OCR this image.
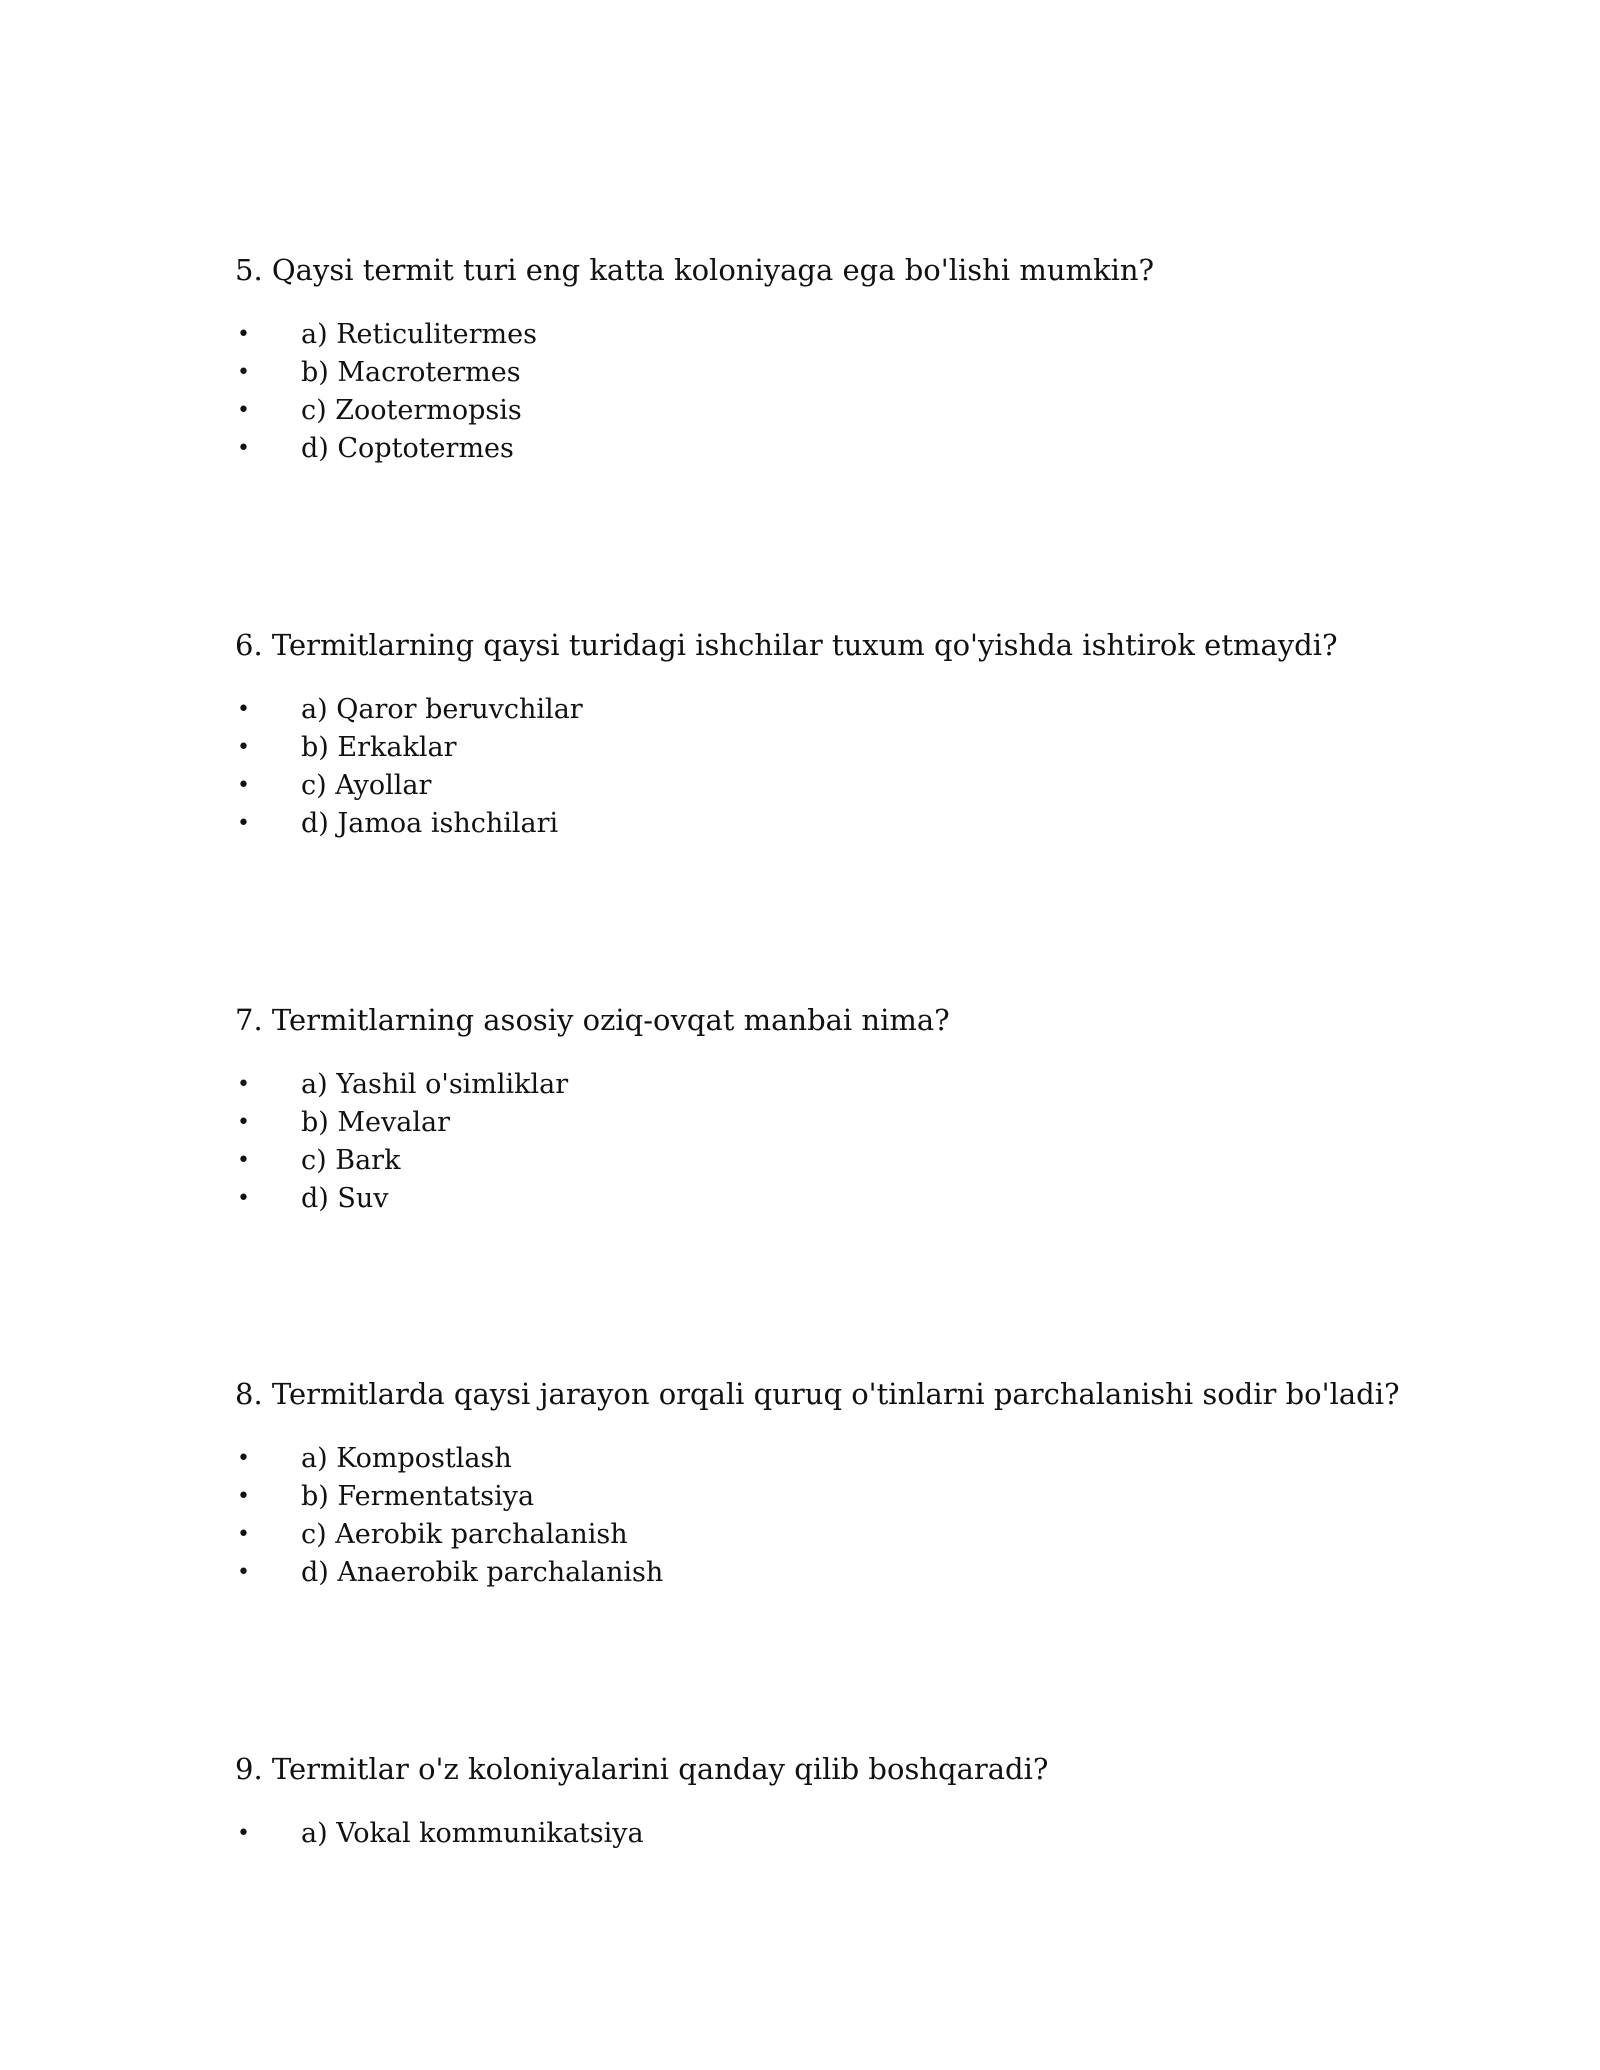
5. Qaysi termit turi eng katta koloniyaga ega bo'lishi mumkin?

• a) Reticulitermes
• b) Macrotermes
• c) Zootermopsis
• d) Coptotermes

6. Termitlarning qaysi turidagi ishchilar tuxum qo'yishda ishtirok etmaydi?

• a) Qaror beruvchilar
• b) Erkaklar
• c) Ayollar
• d) Jamoa ishchilari

7. Termitlarning asosiy oziq-ovqat manbai nima?

• a) Yashil o'simliklar
• b) Mevalar
• c) Bark
• d) Suv

8. Termitlarda qaysi jarayon orqali quruq o'tinlarni parchalanishi sodir bo'ladi?

• a) Kompostlash
• b) Fermentatsiya
• c) Aerobik parchalanish
• d) Anaerobik parchalanish

9. Termitlar o'z koloniyalarini qanday qilib boshqaradi?

• a) Vokal kommunikatsiya
